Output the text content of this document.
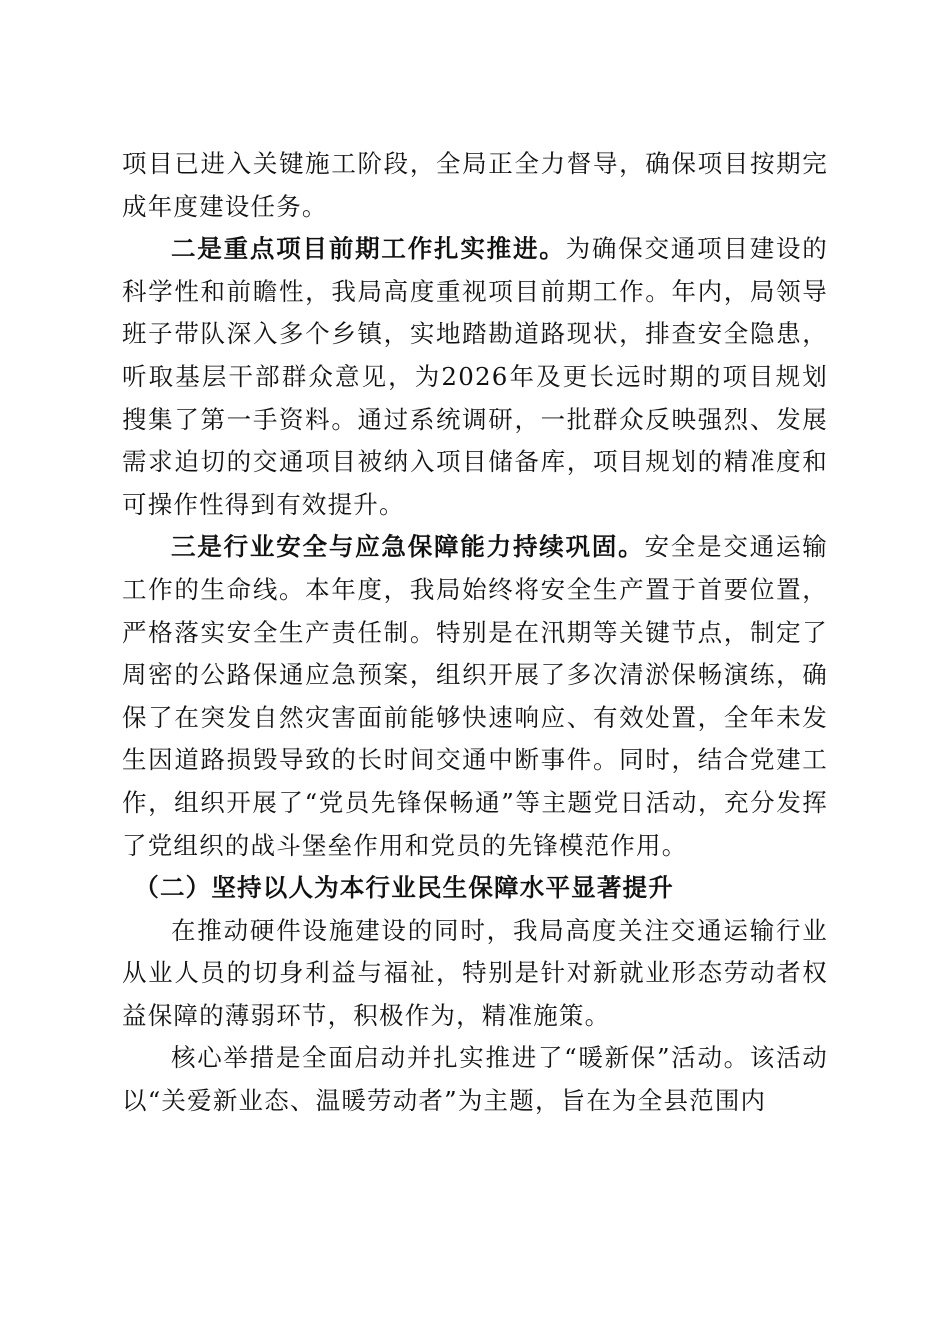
项目已进入关键施工阶段，全局正全力督导，确保项目按期完成年度建设任务。

二是重点项目前期工作扎实推进。为确保交通项目建设的科学性和前瞻性，我局高度重视项目前期工作。年内，局领导班子带队深入多个乡镇，实地踏勘道路现状，排查安全隐患，听取基层干部群众意见，为2026年及更长远时期的项目规划搜集了第一手资料。通过系统调研，一批群众反映强烈、发展需求迫切的交通项目被纳入项目储备库，项目规划的精准度和可操作性得到有效提升。

三是行业安全与应急保障能力持续巩固。安全是交通运输工作的生命线。本年度，我局始终将安全生产置于首要位置，严格落实安全生产责任制。特别是在汛期等关键节点，制定了周密的公路保通应急预案，组织开展了多次清淤保畅演练，确保了在突发自然灾害面前能够快速响应、有效处置，全年未发生因道路损毁导致的长时间交通中断事件。同时，结合党建工作，组织开展了“党员先锋保畅通”等主题党日活动，充分发挥了党组织的战斗堡垒作用和党员的先锋模范作用。

（二）坚持以人为本行业民生保障水平显著提升

在推动硬件设施建设的同时，我局高度关注交通运输行业从业人员的切身利益与福祉，特别是针对新就业形态劳动者权益保障的薄弱环节，积极作为，精准施策。

核心举措是全面启动并扎实推进了“暖新保”活动。该活动以“关爱新业态、温暖劳动者”为主题，旨在为全县范围内
